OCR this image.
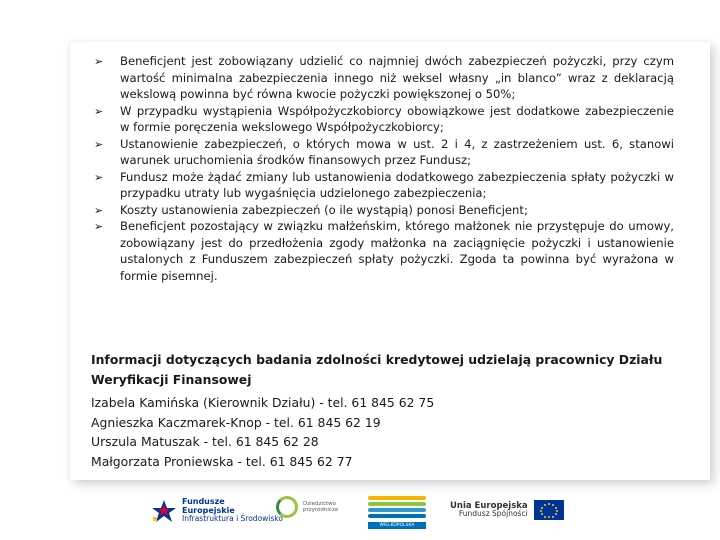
➢ Beneficjent jest zobowiązany udzielić co najmniej dwóch zabezpieczeń pożyczki, przy czym wartość minimalna zabezpieczenia innego niż weksel własny „in blanco” wraz z deklaracją wekslową powinna być równa kwocie pożyczki powiększonej o 50%;
➢ W przypadku wystąpienia Współpożyczkobiorcy obowiązkowe jest dodatkowe zabezpieczenie w formie poręczenia wekslowego Współpożyczkobiorcy;
➢ Ustanowienie zabezpieczeń, o których mowa w ust. 2 i 4, z zastrzeżeniem ust. 6, stanowi warunek uruchomienia środków finansowych przez Fundusz;
➢ Fundusz może żądać zmiany lub ustanowienia dodatkowego zabezpieczenia spłaty pożyczki w przypadku utraty lub wygaśnięcia udzielonego zabezpieczenia;
➢ Koszty ustanowienia zabezpieczeń (o ile wystąpią) ponosi Beneficjent;
➢ Beneficjent pozostający w związku małżeńskim, którego małżonek nie przystępuje do umowy, zobowiązany jest do przedłożenia zgody małżonka na zaciągnięcie pożyczki i ustanowienie ustalonych z Funduszem zabezpieczeń spłaty pożyczki. Zgoda ta powinna być wyrażona w formie pisemnej.
Informacji dotyczących badania zdolności kredytowej udzielają pracownicy Działu Weryfikacji Finansowej
Izabela Kamińska (Kierownik Działu) - tel. 61 845 62 75
Agnieszka Kaczmarek-Knop - tel. 61 845 62 19
Urszula Matuszak - tel. 61 845 62 28
Małgorzata Proniewska - tel. 61 845 62 77
Fundusze
Europejskie
Infrastruktura i Środowisko
Dziedzictwo
przyrodnicze
WIELKOPOLSKA
Unia Europejska
Fundusz Spójności
